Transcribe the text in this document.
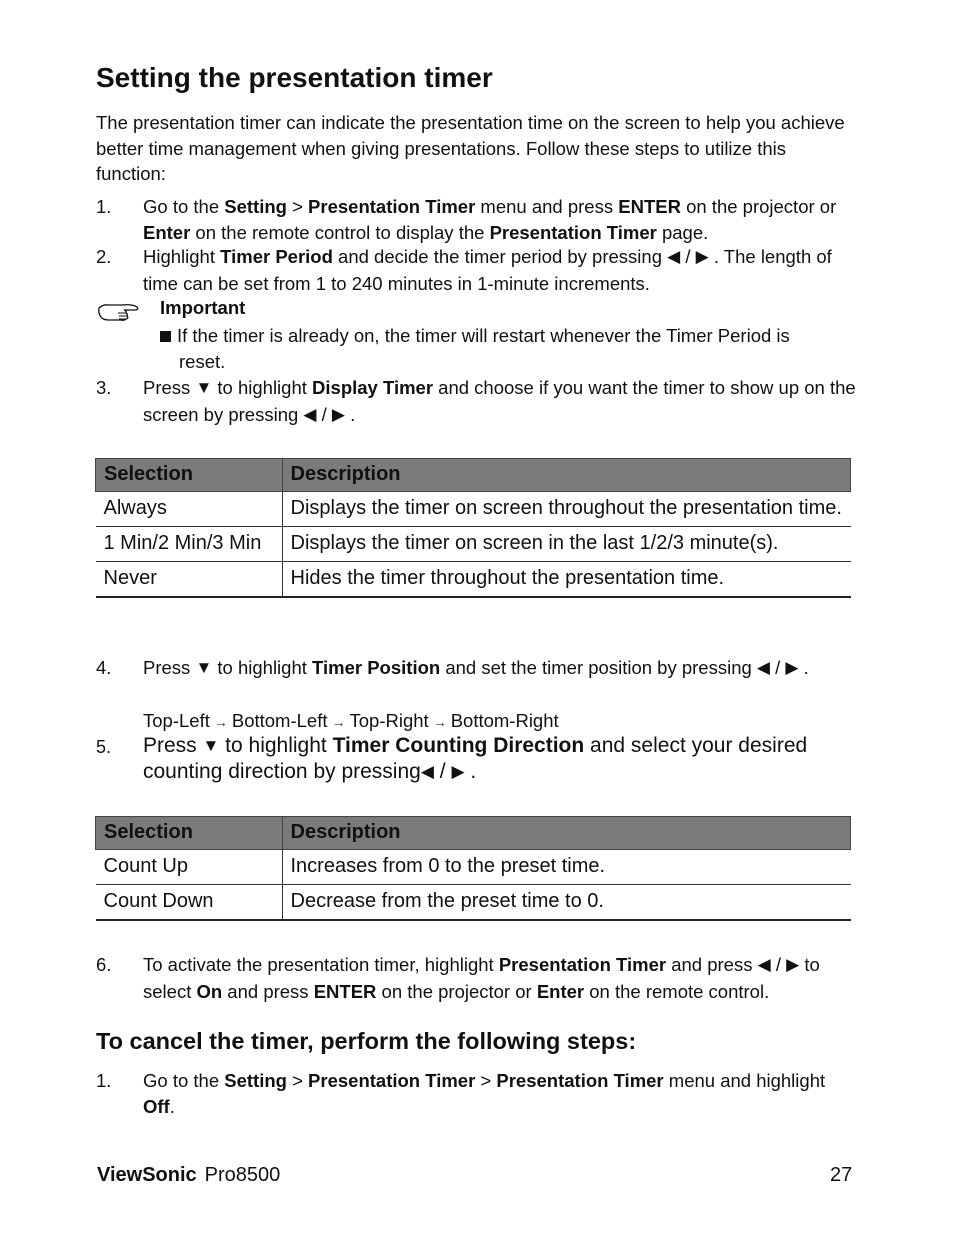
Setting the presentation timer

The presentation timer can indicate the presentation time on the screen to help you achieve better time management when giving presentations. Follow these steps to utilize this function:

1. Go to the Setting > Presentation Timer menu and press ENTER on the projector or Enter on the remote control to display the Presentation Timer page.
2. Highlight Timer Period and decide the timer period by pressing ◀ / ▶ . The length of time can be set from 1 to 240 minutes in 1-minute increments.
Important
If the timer is already on, the timer will restart whenever the Timer Period is
reset.
3. Press ▼ to highlight Display Timer and choose if you want the timer to show up on the screen by pressing ◀ / ▶ .
Selection	Description
Always	Displays the timer on screen throughout the presentation time.
1 Min/2 Min/3 Min	Displays the timer on screen in the last 1/2/3 minute(s).
Never	Hides the timer throughout the presentation time.
4. Press ▼ to highlight Timer Position and set the timer position by pressing ◀ / ▶ .
Top-Left → Bottom-Left → Top-Right → Bottom-Right
5. Press ▼ to highlight Timer Counting Direction and select your desired counting direction by pressing◀ / ▶ .
Selection	Description
Count Up	Increases from 0 to the preset time.
Count Down	Decrease from the preset time to 0.
6. To activate the presentation timer, highlight Presentation Timer and press ◀ / ▶ to select On and press ENTER on the projector or Enter on the remote control.
To cancel the timer, perform the following steps:
1. Go to the Setting > Presentation Timer > Presentation Timer menu and highlight Off.
ViewSonic Pro8500	27
